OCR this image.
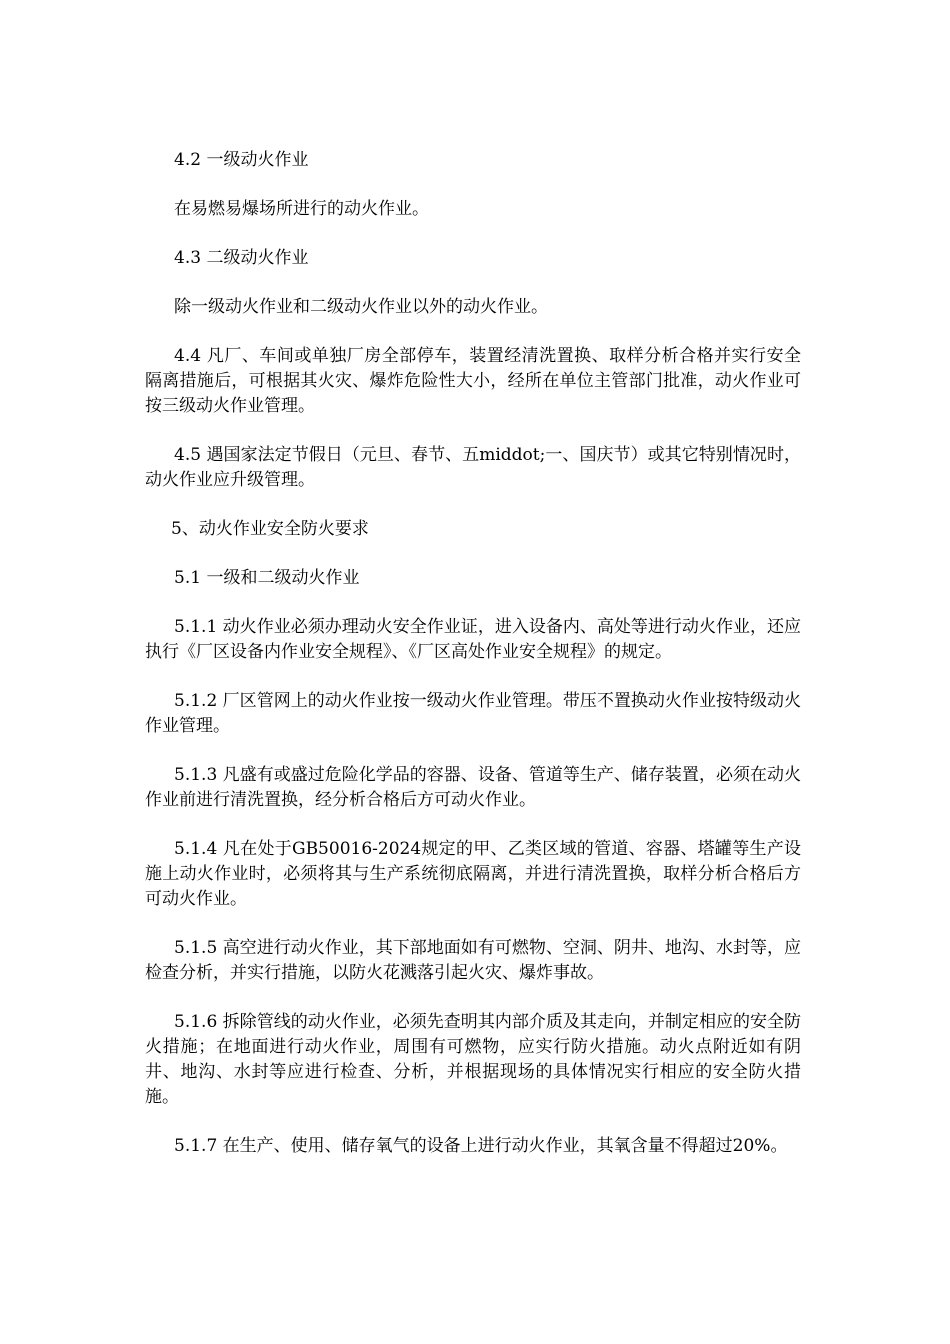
4.2 一级动火作业

在易燃易爆场所进行的动火作业。

4.3 二级动火作业

除一级动火作业和二级动火作业以外的动火作业。

4.4 凡厂、车间或单独厂房全部停车，装置经清洗置换、取样分析合格并实行安全隔离措施后，可根据其火灾、爆炸危险性大小，经所在单位主管部门批准，动火作业可按三级动火作业管理。

4.5 遇国家法定节假日（元旦、春节、五middot;一、国庆节）或其它特别情况时，动火作业应升级管理。

5、动火作业安全防火要求

5.1 一级和二级动火作业

5.1.1 动火作业必须办理动火安全作业证，进入设备内、高处等进行动火作业，还应执行《厂区设备内作业安全规程》、《厂区高处作业安全规程》的规定。

5.1.2 厂区管网上的动火作业按一级动火作业管理。带压不置换动火作业按特级动火作业管理。

5.1.3 凡盛有或盛过危险化学品的容器、设备、管道等生产、储存装置，必须在动火作业前进行清洗置换，经分析合格后方可动火作业。

5.1.4 凡在处于GB50016-2024规定的甲、乙类区域的管道、容器、塔罐等生产设施上动火作业时，必须将其与生产系统彻底隔离，并进行清洗置换，取样分析合格后方可动火作业。

5.1.5 高空进行动火作业，其下部地面如有可燃物、空洞、阴井、地沟、水封等，应检查分析，并实行措施，以防火花溅落引起火灾、爆炸事故。

5.1.6 拆除管线的动火作业，必须先查明其内部介质及其走向，并制定相应的安全防火措施；在地面进行动火作业，周围有可燃物，应实行防火措施。动火点附近如有阴井、地沟、水封等应进行检查、分析，并根据现场的具体情况实行相应的安全防火措施。

5.1.7 在生产、使用、储存氧气的设备上进行动火作业，其氧含量不得超过20%。
